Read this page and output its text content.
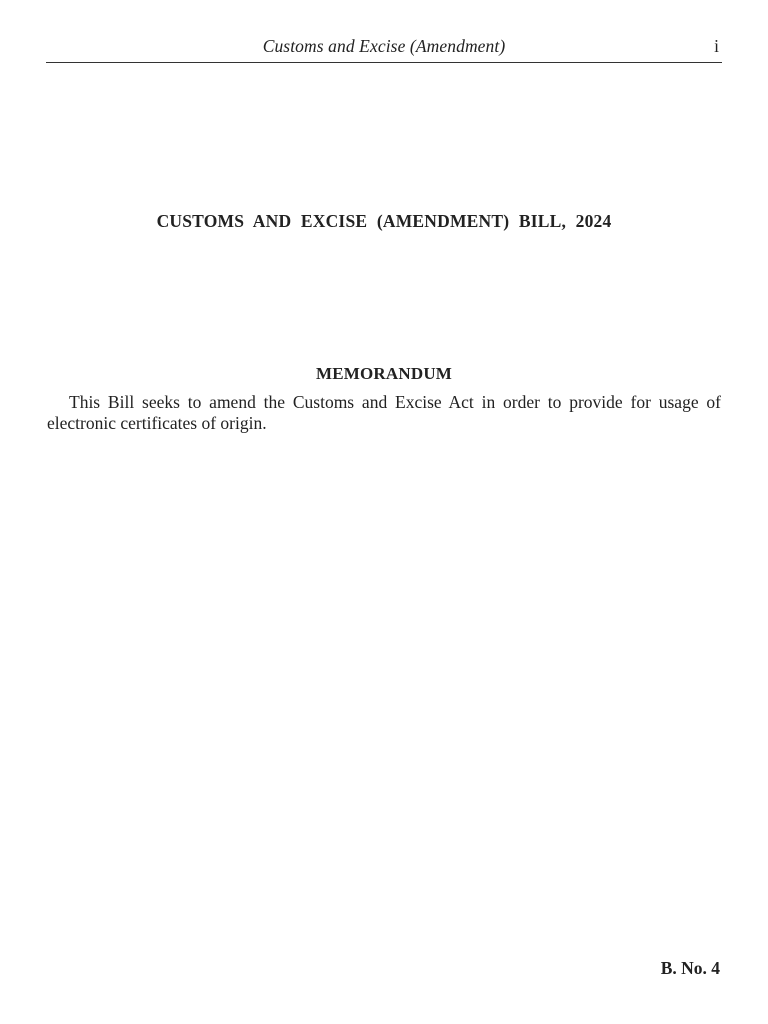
Customs and Excise (Amendment)	i
CUSTOMS AND EXCISE (AMENDMENT) BILL, 2024
MEMORANDUM

This Bill seeks to amend the Customs and Excise Act in order to provide for usage of electronic certificates of origin.

B. No. 4
